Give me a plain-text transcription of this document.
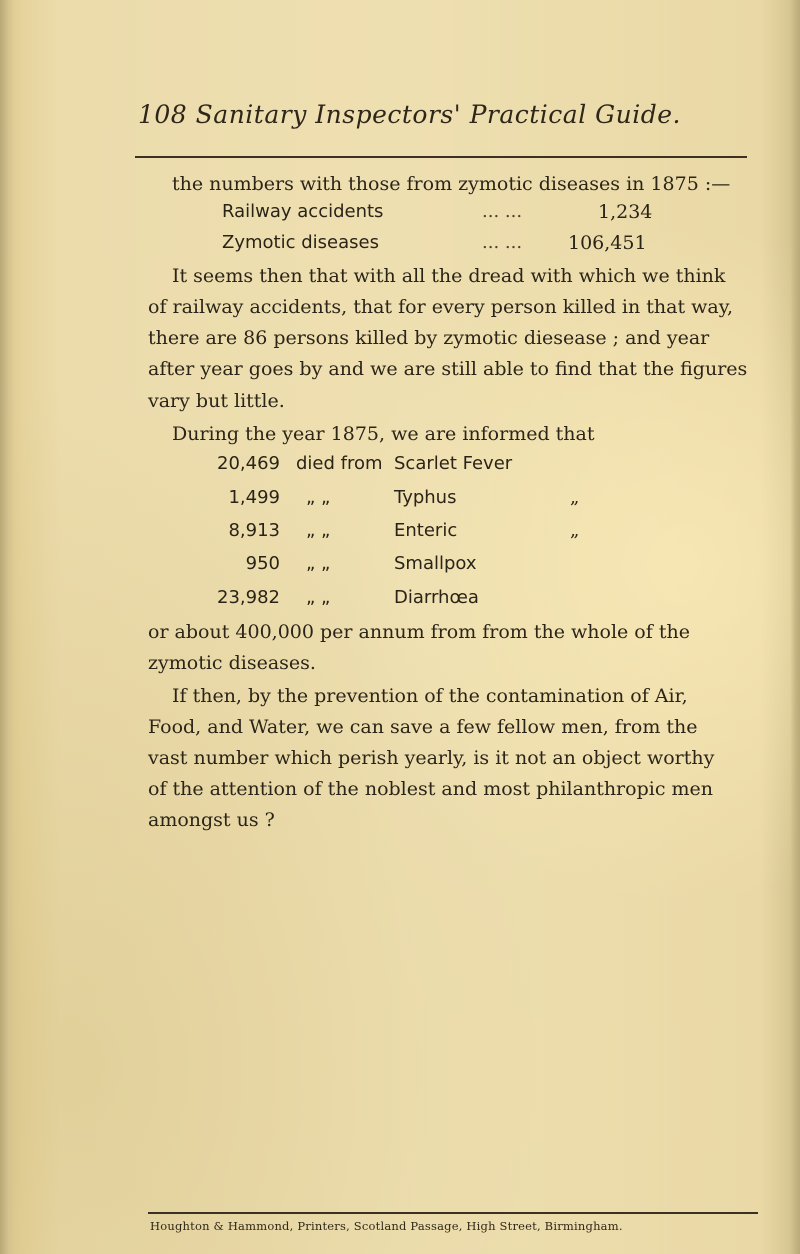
108 Sanitary Inspectors' Practical Guide.
the numbers with those from zymotic diseases in 1875 :—
Railway accidents	... ...	1,234
Zymotic diseases	... ... 106,451
It seems then that with all the dread with which we think
of railway accidents, that for every person killed in that way,
there are 86 persons killed by zymotic diesease ; and year
after year goes by and we are still able to find that the figures
vary but little.
During the year 1875, we are informed that
20,469 died from Scarlet Fever
1,499 „ „	Typhus	„
8,913 „ „	Enteric	„
950 „ „	Smallpox
23,982 „ „	Diarrhœa
or about 400,000 per annum from from the whole of the
zymotic diseases.
If then, by the prevention of the contamination of Air,
Food, and Water, we can save a few fellow men, from the
vast number which perish yearly, is it not an object worthy
of the attention of the noblest and most philanthropic men
amongst us ?
Houghton & Hammond, Printers, Scotland Passage, High Street, Birmingham.
